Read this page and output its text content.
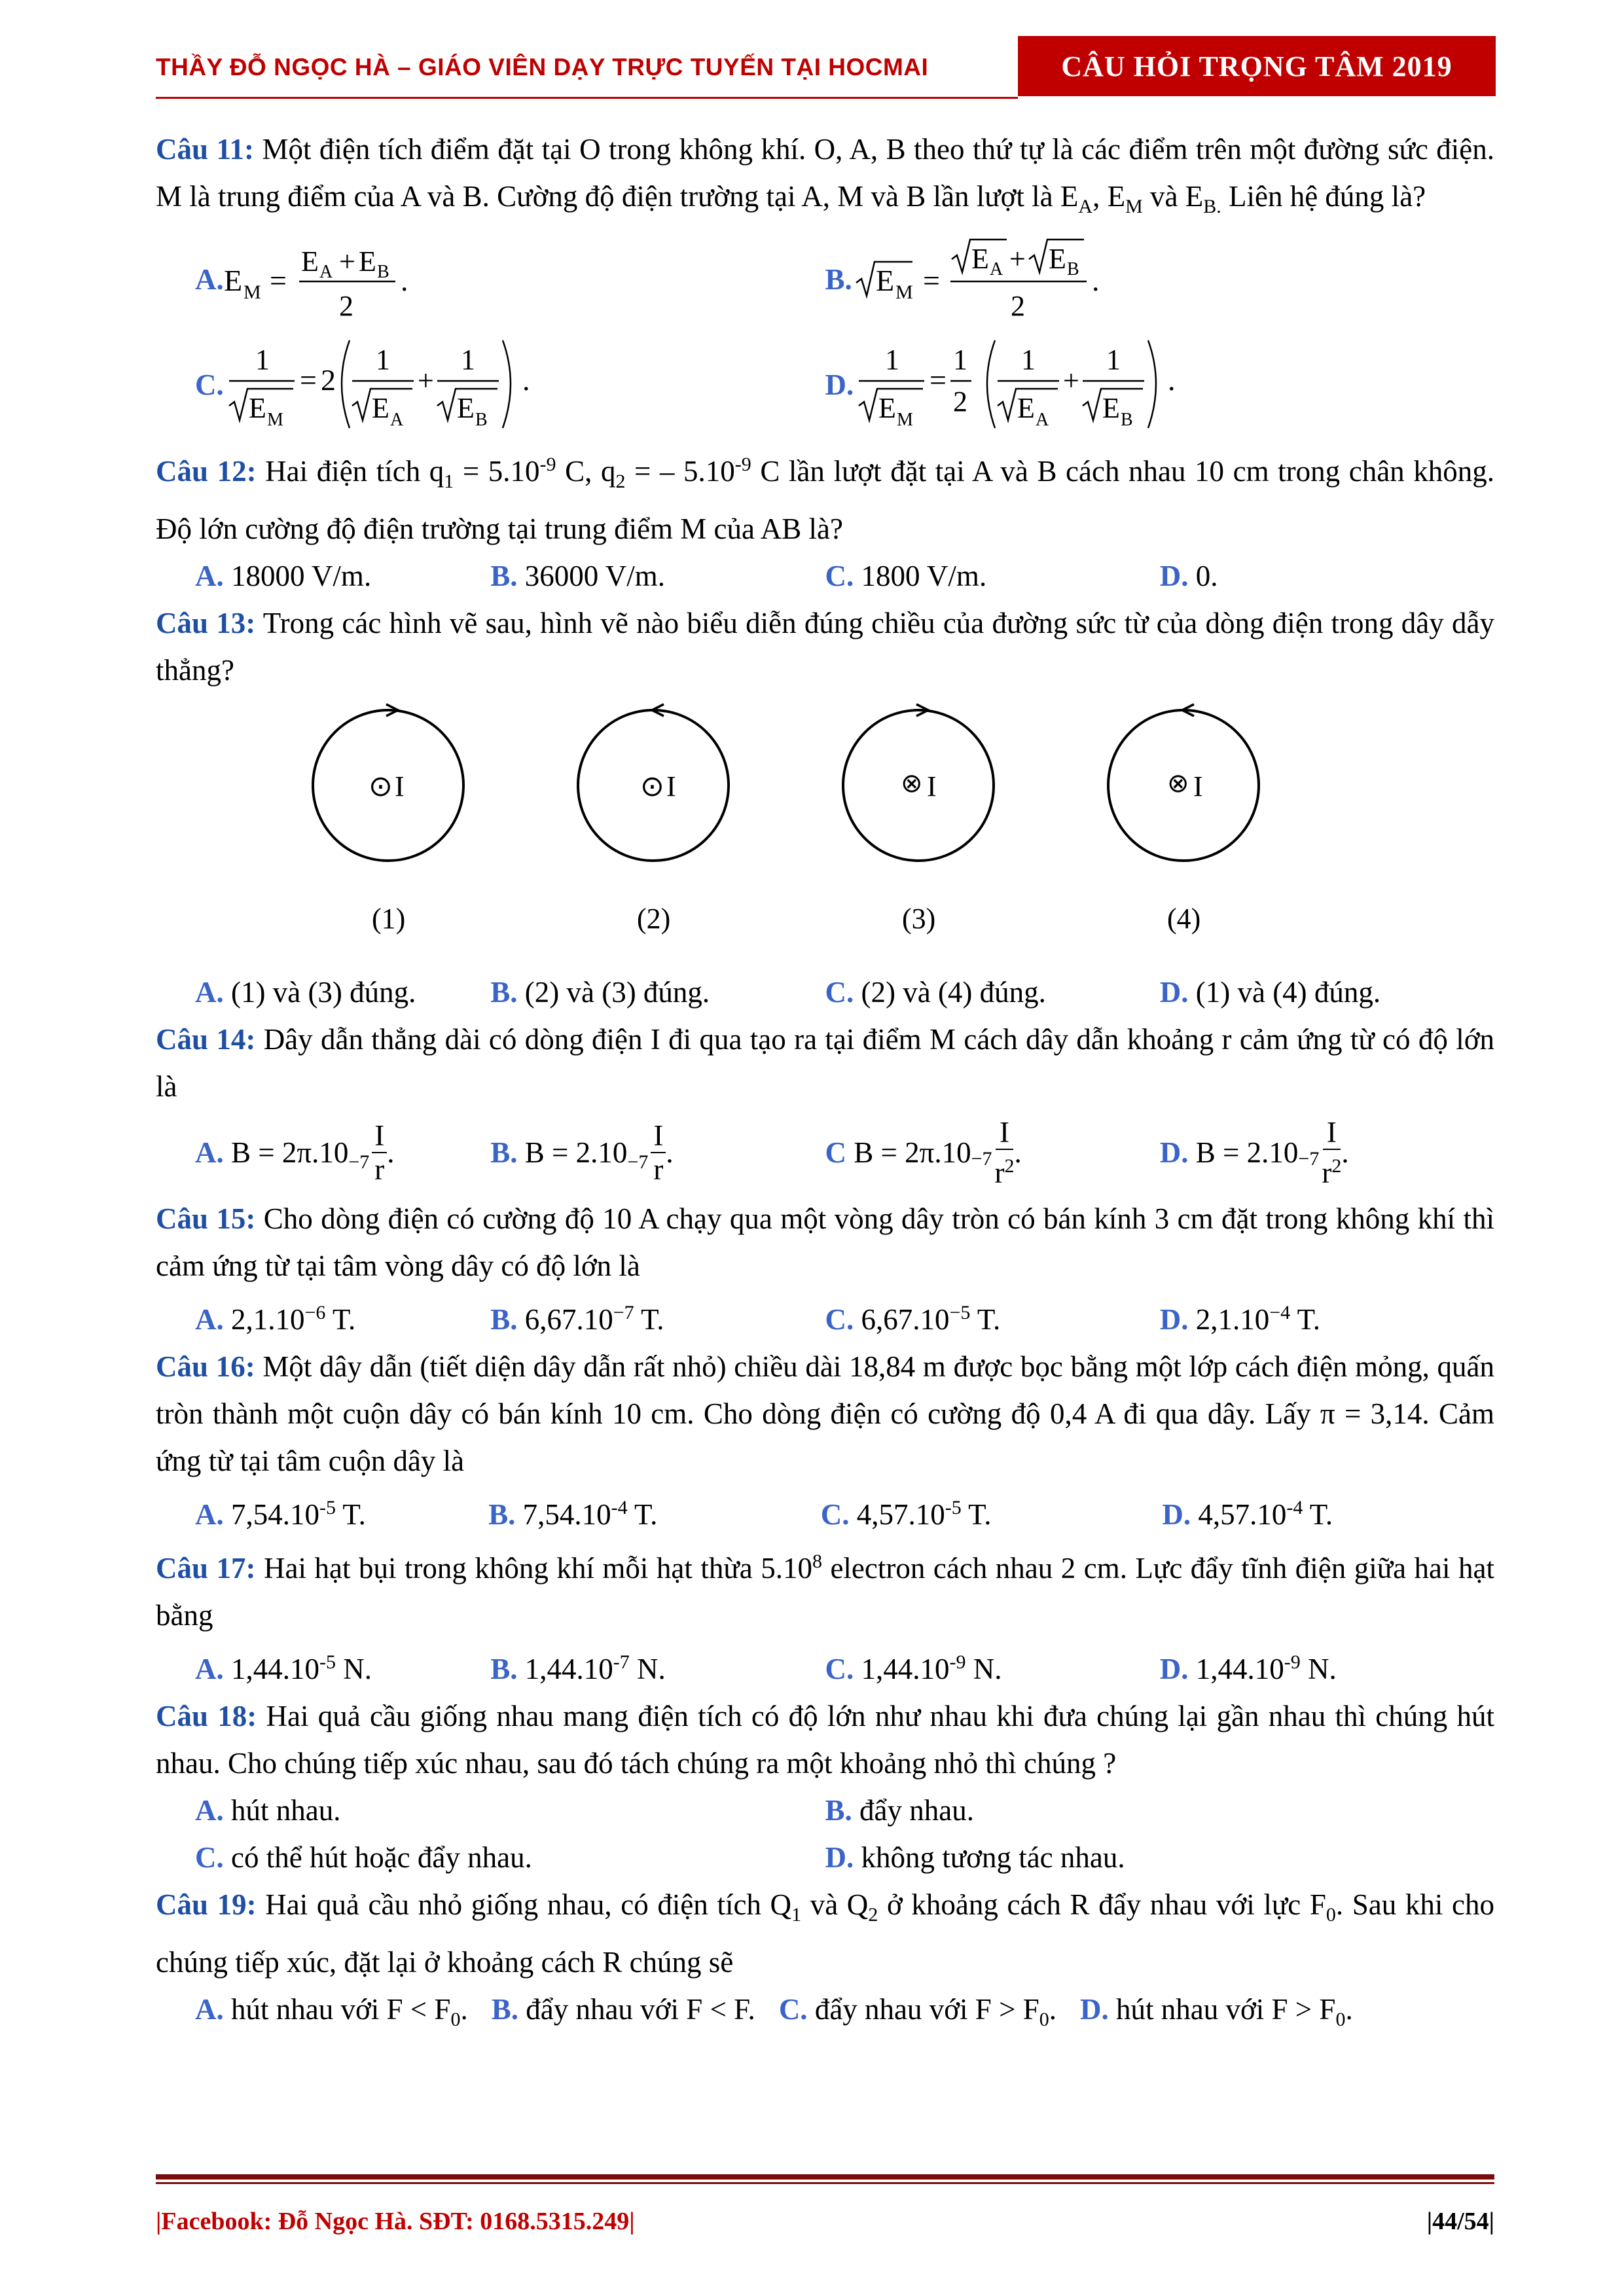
THẦY ĐỖ NGỌC HÀ – GIÁO VIÊN DẠY TRỰC TUYẾN TẠI HOCMAI	CÂU HỎI TRỌNG TÂM 2019

Câu 11: Một điện tích điểm đặt tại O trong không khí. O, A, B theo thứ tự là các điểm trên một đường sức điện. M là trung điểm của A và B. Cường độ điện trường tại A, M và B lần lượt là $E_A$, $E_M$ và $E_{B.}$ Liên hệ đúng là?

A. E M =
E A + E B
2
.	B. E M =
E A + E B
2
.
C.
1
E M
= 2
1
E A
+
1
E B
.	D.
1
E M
=
1
2
1
E A
+
1
E B
.

Câu 12: Hai điện tích $q_1 = 5.10^{-9}$ C, $q_2$ = – $5.10^{-9}$ C lần lượt đặt tại A và B cách nhau 10 cm trong chân không. Độ lớn cường độ điện trường tại trung điểm M của AB là?

A. 18000 V/m.	B. 36000 V/m.	C. 1800 V/m.	D. 0.

Câu 13: Trong các hình vẽ sau, hình vẽ nào biểu diễn đúng chiều của đường sức từ của dòng điện trong dây dẫy thẳng?

⊙ I
(1)
⊙ I
(2)
⊗ I
(3)
⊗ I
(4)
A. (1) và (3) đúng.	B. (2) và (3) đúng.	C. (2) và (4) đúng.	D. (1) và (4) đúng.

Câu 14: Dây dẫn thẳng dài có dòng điện I đi qua tạo ra tại điểm M cách dây dẫn khoảng r cảm ứng từ có độ lớn là

A.
$B = 2\pi.10_{-7} \frac{I}{r}$ .	B.
$B = 2.10_{-7} \frac{I}{r}$ .	C
$B = 2\pi.10_{-7} \frac{I}{r^2}$ .	D.
$B = 2.10_{-7} \frac{I}{r^2}$ .

Câu 15: Cho dòng điện có cường độ 10 A chạy qua một vòng dây tròn có bán kính 3 cm đặt trong không khí thì cảm ứng từ tại tâm vòng dây có độ lớn là

A. $2,1.10^{-6}$ T.	B. $6,67.10^{-7}$ T.	C. $6,67.10^{-5}$ T.	D. $2,1.10^{-4}$ T.

Câu 16: Một dây dẫn (tiết diện dây dẫn rất nhỏ) chiều dài 18,84 m được bọc bằng một lớp cách điện mỏng, quấn tròn thành một cuộn dây có bán kính 10 cm. Cho dòng điện có cường độ 0,4 A đi qua dây. Lấy π = 3,14. Cảm ứng từ tại tâm cuộn dây là

A. $7,54.10^{-5}$ T.	B. $7,54.10^{-4}$ T.	C. $4,57.10^{-5}$ T.	D. $4,57.10^{-4}$ T.

Câu 17: Hai hạt bụi trong không khí mỗi hạt thừa 5.10$^8$ electron cách nhau 2 cm. Lực đẩy tĩnh điện giữa hai hạt bằng

A. $1,44.10^{-5}$ N.	B. $1,44.10^{-7}$ N.	C. $1,44.10^{-9}$ N.	D. $1,44.10^{-9}$ N.

Câu 18: Hai quả cầu giống nhau mang điện tích có độ lớn như nhau khi đưa chúng lại gần nhau thì chúng hút nhau. Cho chúng tiếp xúc nhau, sau đó tách chúng ra một khoảng nhỏ thì chúng ?

A. hút nhau.	B. đẩy nhau.
C. có thể hút hoặc đẩy nhau.	D. không tương tác nhau.

Câu 19: Hai quả cầu nhỏ giống nhau, có điện tích $Q_1$ và $Q_2$ ở khoảng cách R đẩy nhau với lực $F_0$. Sau khi cho chúng tiếp xúc, đặt lại ở khoảng cách R chúng sẽ

A. hút nhau với $F < F_0$. B. đẩy nhau với F < F. C. đẩy nhau với $F > F_0$. D. hút nhau với $F > F_0$.
|Facebook: Đỗ Ngọc Hà. SĐT: 0168.5315.249|	|44/54|
